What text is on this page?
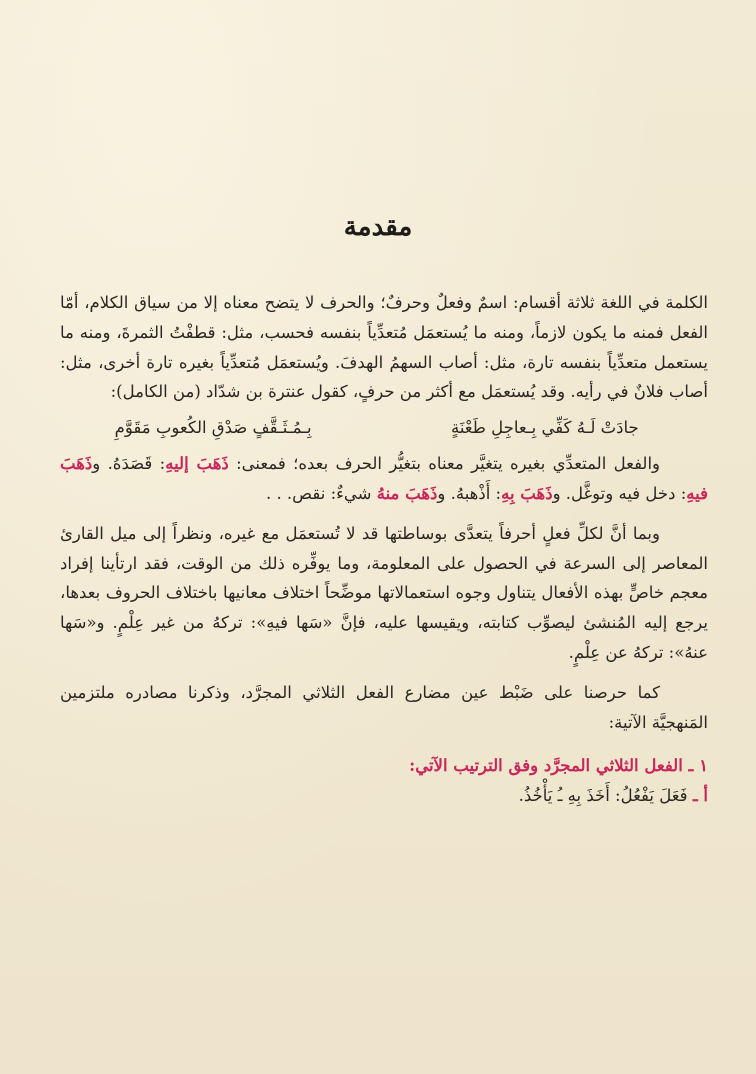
مقدمة

الكلمة في اللغة ثلاثة أقسام: اسمٌ وفعلٌ وحرفٌ؛ والحرف لا يتضح معناه إلا من سياق الكلام، أمّا الفعل فمنه ما يكون لازماً، ومنه ما يُستعمَل مُتعدِّياً بنفسه فحسب، مثل: قطفْتُ الثمرةَ، ومنه ما يستعمل متعدِّياً بنفسه تارة، مثل: أصاب السهمُ الهدفَ. ويُستعمَل مُتعدِّياً بغيره تارة أخرى، مثل: أصاب فلانٌ في رأيه. وقد يُستعمَل مع أكثر من حرفٍ، كقول عنترة بن شدّاد (من الكامل):

جادَتْ لَـهُ كَفِّي بِـعاجِلِ طَعْنَةٍ
بِـمُـثَـقَّفٍ صَدْقِ الكُعوبِ مَقَوَّمِ

والفعل المتعدِّي بغيره يتغيَّر معناه بتغيُّر الحرف بعده؛ فمعنى: ذَهَبَ إليهِ: قَصَدَهُ. وذَهَبَ فيهِ: دخل فيه وتوغَّل. وذَهَبَ بِهِ: أَذْهبهُ. وذَهَبَ منهُ شيءٌ: نقص. . .

وبما أنَّ لكلِّ فعلٍ أحرفاً يتعدَّى بوساطتها قد لا تُستعمَل مع غيره، ونظراً إلى ميل القارئ المعاصر إلى السرعة في الحصول على المعلومة، وما يوفِّره ذلك من الوقت، فقد ارتأينا إفراد معجم خاصٍّ بهذه الأفعال يتناول وجوه استعمالاتها موضِّحاً اختلاف معانيها باختلاف الحروف بعدها، يرجع إليه المُنشئ ليصوِّب كتابته، ويقيسها عليه، فإنَّ «سَها فيهِ»: تركهُ من غير عِلْمٍ. و«سَها عنهُ»: تركهُ عن عِلْمٍ.

كما حرصنا على ضَبْط عين مضارع الفعل الثلاثي المجرَّد، وذكرنا مصادره ملتزمين المَنهجيَّة الآتية:

١ ـ الفعل الثلاثي المجرَّد وفق الترتيب الآتي:
أ ـ فَعَلَ يَفْعُلُ: أَخَذَ بِهِ ـُ يَأْخُذُ.
